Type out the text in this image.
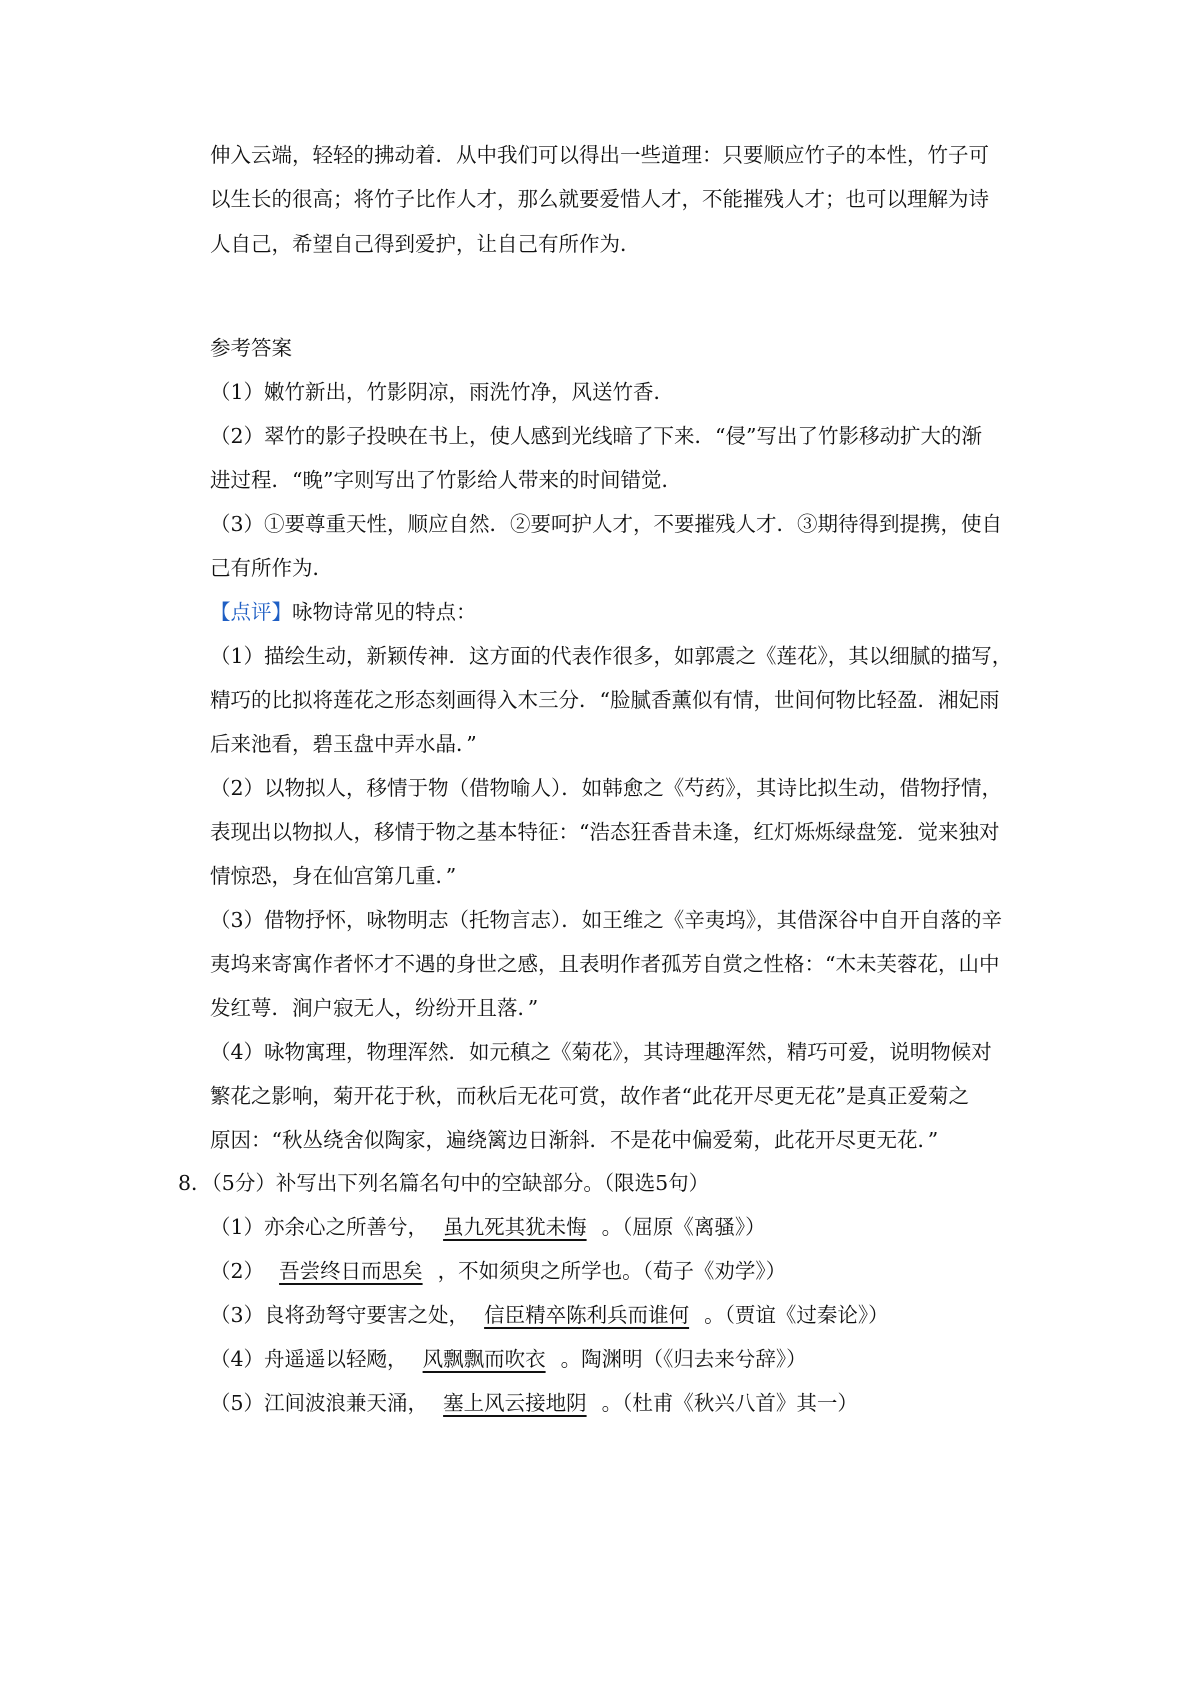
伸入云端，轻轻的拂动着．从中我们可以得出一些道理：只要顺应竹子的本性，竹子可
以生长的很高；将竹子比作人才，那么就要爱惜人才，不能摧残人才；也可以理解为诗
人自己，希望自己得到爱护，让自己有所作为．
参考答案
（1）嫩竹新出，竹影阴凉，雨洗竹净，风送竹香．
（2）翠竹的影子投映在书上，使人感到光线暗了下来．“侵”写出了竹影移动扩大的渐
进过程．“晚”字则写出了竹影给人带来的时间错觉．
（3）①要尊重天性，顺应自然．②要呵护人才，不要摧残人才．③期待得到提携，使自
己有所作为．
【点评】咏物诗常见的特点：
（1）描绘生动，新颖传神．这方面的代表作很多，如郭震之《莲花》，其以细腻的描写，
精巧的比拟将莲花之形态刻画得入木三分．“脸腻香薰似有情，世间何物比轻盈．湘妃雨
后来池看，碧玉盘中弄水晶．”
（2）以物拟人，移情于物（借物喻人）．如韩愈之《芍药》，其诗比拟生动，借物抒情，
表现出以物拟人，移情于物之基本特征：“浩态狂香昔未逢，红灯烁烁绿盘笼．觉来独对
情惊恐，身在仙宫第几重．”
（3）借物抒怀，咏物明志（托物言志）．如王维之《辛夷坞》，其借深谷中自开自落的辛
夷坞来寄寓作者怀才不遇的身世之感，且表明作者孤芳自赏之性格：“木未芙蓉花，山中
发红萼．涧户寂无人，纷纷开且落．”
（4）咏物寓理，物理浑然．如元稹之《菊花》，其诗理趣浑然，精巧可爱，说明物候对
繁花之影响，菊开花于秋，而秋后无花可赏，故作者“此花开尽更无花”是真正爱菊之
原因：“秋丛绕舍似陶家，遍绕篱边日渐斜．不是花中偏爱菊，此花开尽更无花．”
8．（5分）补写出下列名篇名句中的空缺部分。（限选5句）
（1）亦余心之所善兮， 虽九死其犹未悔 。（屈原《离骚》）
（2） 吾尝终日而思矣 ，不如须臾之所学也。（荀子《劝学》）
（3）良将劲弩守要害之处， 信臣精卒陈利兵而谁何 。（贾谊《过秦论》）
（4）舟遥遥以轻飏， 风飘飘而吹衣 。陶渊明（《归去来兮辞》）
（5）江间波浪兼天涌， 塞上风云接地阴 。（杜甫《秋兴八首》其一）
